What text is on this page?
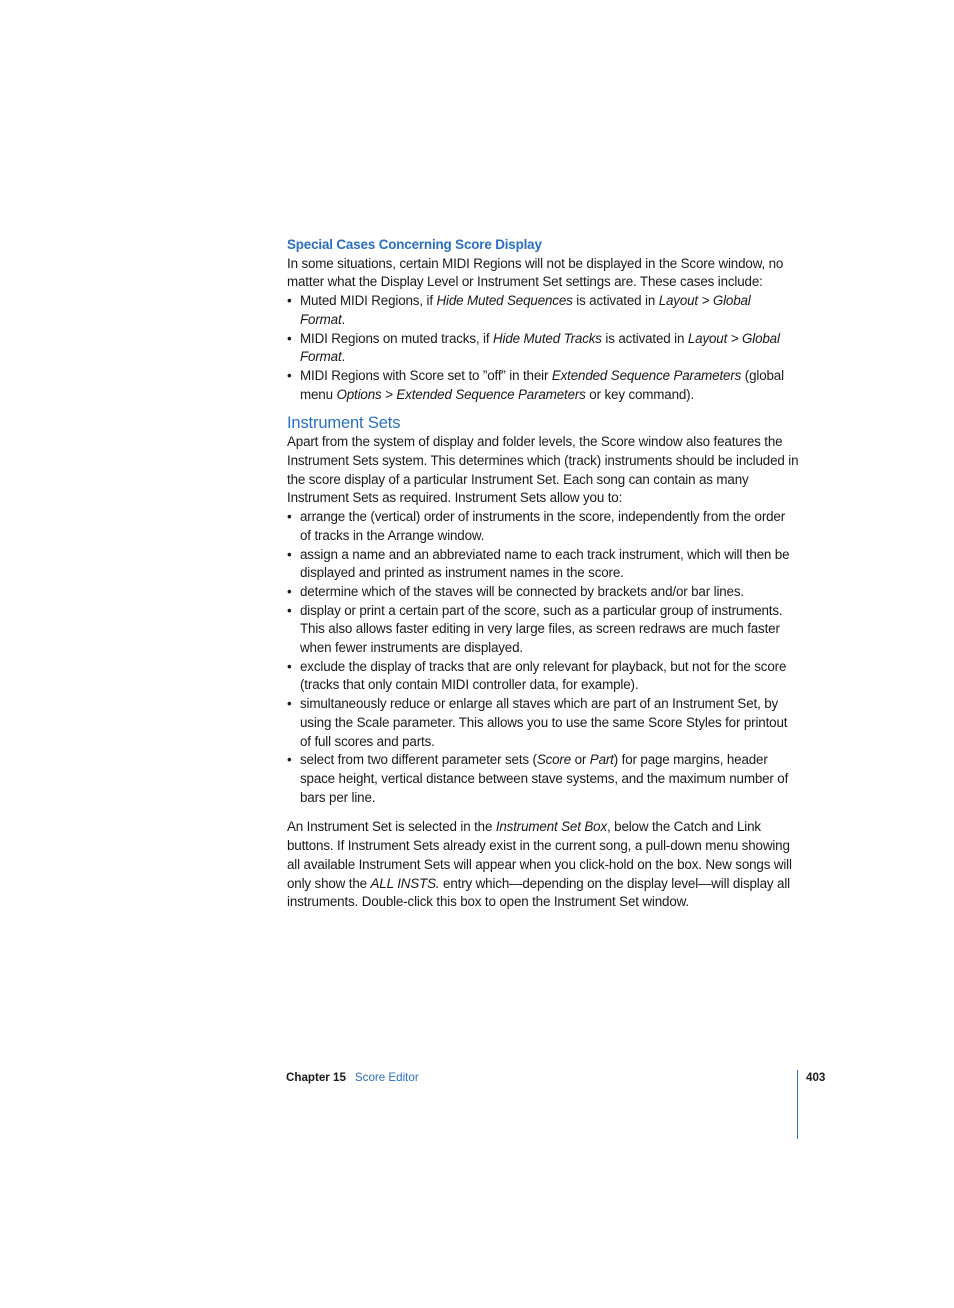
Special Cases Concerning Score Display

In some situations, certain MIDI Regions will not be displayed in the Score window, no matter what the Display Level or Instrument Set settings are. These cases include:

• Muted MIDI Regions, if Hide Muted Sequences is activated in Layout > Global Format.
• MIDI Regions on muted tracks, if Hide Muted Tracks is activated in Layout > Global Format.
• MIDI Regions with Score set to ”off” in their Extended Sequence Parameters (global menu Options > Extended Sequence Parameters or key command).
Instrument Sets

Apart from the system of display and folder levels, the Score window also features the Instrument Sets system. This determines which (track) instruments should be included in the score display of a particular Instrument Set. Each song can contain as many Instrument Sets as required. Instrument Sets allow you to:

• arrange the (vertical) order of instruments in the score, independently from the order of tracks in the Arrange window.
• assign a name and an abbreviated name to each track instrument, which will then be displayed and printed as instrument names in the score.
• determine which of the staves will be connected by brackets and/or bar lines.
• display or print a certain part of the score, such as a particular group of instruments. This also allows faster editing in very large files, as screen redraws are much faster when fewer instruments are displayed.
• exclude the display of tracks that are only relevant for playback, but not for the score (tracks that only contain MIDI controller data, for example).
• simultaneously reduce or enlarge all staves which are part of an Instrument Set, by using the Scale parameter. This allows you to use the same Score Styles for printout of full scores and parts.
• select from two different parameter sets (Score or Part) for page margins, header space height, vertical distance between stave systems, and the maximum number of bars per line.

An Instrument Set is selected in the Instrument Set Box, below the Catch and Link buttons. If Instrument Sets already exist in the current song, a pull-down menu showing all available Instrument Sets will appear when you click-hold on the box. New songs will only show the ALL INSTS. entry which—depending on the display level—will display all instruments. Double-click this box to open the Instrument Set window.

Chapter 15 Score Editor	403
